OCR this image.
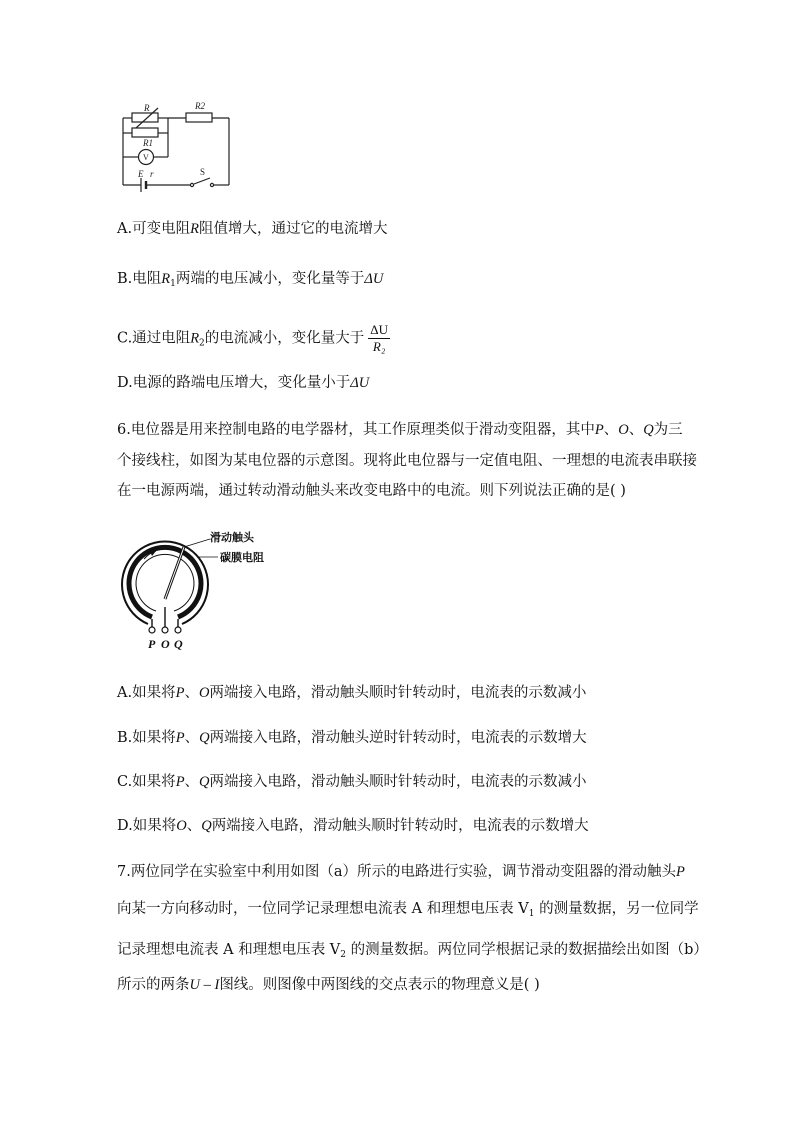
R	R2
R1
V
E r	S
A.可变电阻R阻值增大，通过它的电流增大
B.电阻$R_1$两端的电压减小，变化量等于ΔU
C.通过电阻$R_2$的电流减小，变化量大于 $\frac{\Delta U}{\text{R₂}}$
D.电源的路端电压增大，变化量小于ΔU
6.电位器是用来控制电路的电学器材，其工作原理类似于滑动变阻器，其中P、O、Q为三
个接线柱，如图为某电位器的示意图。现将此电位器与一定值电阻、一理想的电流表串联接
在一电源两端，通过转动滑动触头来改变电路中的电流。则下列说法正确的是( )
滑动触头
碳膜电阻
P O Q
A.如果将P、O两端接入电路，滑动触头顺时针转动时，电流表的示数减小
B.如果将P、Q两端接入电路，滑动触头逆时针转动时，电流表的示数增大
C.如果将P、Q两端接入电路，滑动触头顺时针转动时，电流表的示数减小
D.如果将O、Q两端接入电路，滑动触头顺时针转动时，电流表的示数增大
7.两位同学在实验室中利用如图（a）所示的电路进行实验，调节滑动变阻器的滑动触头P
向某一方向移动时，一位同学记录理想电流表 A 和理想电压表 $V_1$ 的测量数据，另一位同学
记录理想电流表 A 和理想电压表 $V_2$ 的测量数据。两位同学根据记录的数据描绘出如图（b）
所示的两条U – I图线。则图像中两图线的交点表示的物理意义是( )
